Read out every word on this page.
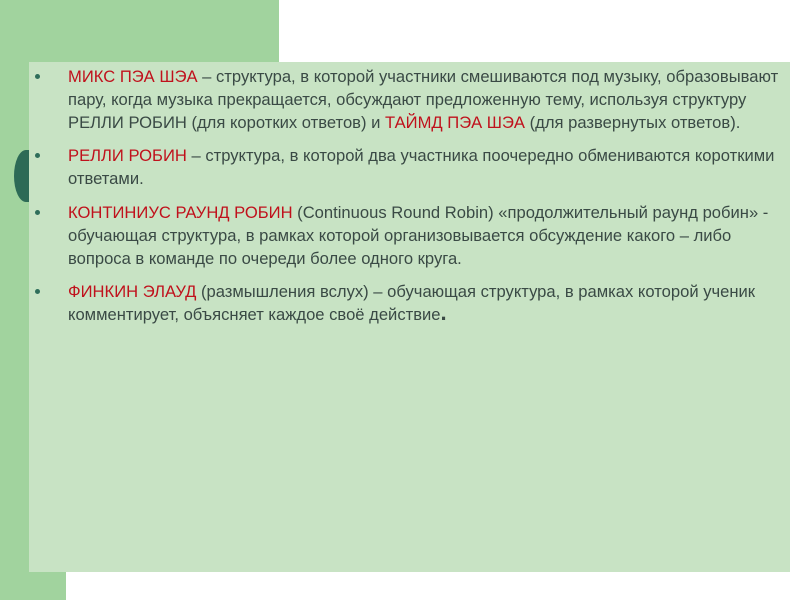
МИКС ПЭА ШЭА – структура, в которой участники смешиваются под музыку, образовывают пару, когда музыка прекращается, обсуждают предложенную тему, используя структуру РЕЛЛИ РОБИН (для коротких ответов) и ТАЙМД ПЭА ШЭА (для развернутых ответов).
РЕЛЛИ РОБИН – структура, в которой два участника поочередно обмениваются короткими ответами.
КОНТИНИУС РАУНД РОБИН (Continuous Round Robin) «продолжительный раунд робин» - обучающая структура, в рамках которой организовывается обсуждение какого – либо вопроса в команде по очереди более одного круга.
ФИНКИН ЭЛАУД (размышления вслух) – обучающая структура, в рамках которой ученик комментирует, объясняет каждое своё действие.
